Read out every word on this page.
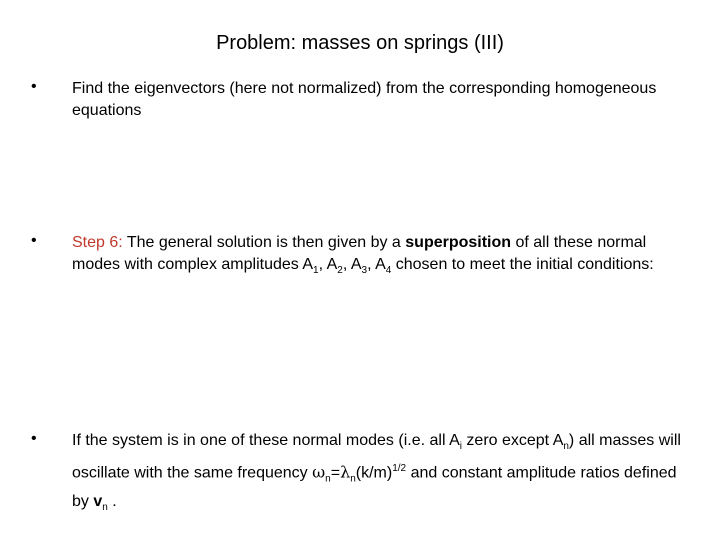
Problem: masses on springs (III)
• Find the eigenvectors (here not normalized) from the corresponding homogeneous equations
• Step 6: The general solution is then given by a superposition of all these normal modes with complex amplitudes $A_1$, $A_2$, $A_3$, $A_4$ chosen to meet the initial conditions:
• If the system is in one of these normal modes (i.e. all $A_i$ zero except $A_n$) all masses will oscillate with the same frequency $\omega_n=\lambda_n(k/m)^{1/2}$ and constant amplitude ratios defined by $v_n$ .
